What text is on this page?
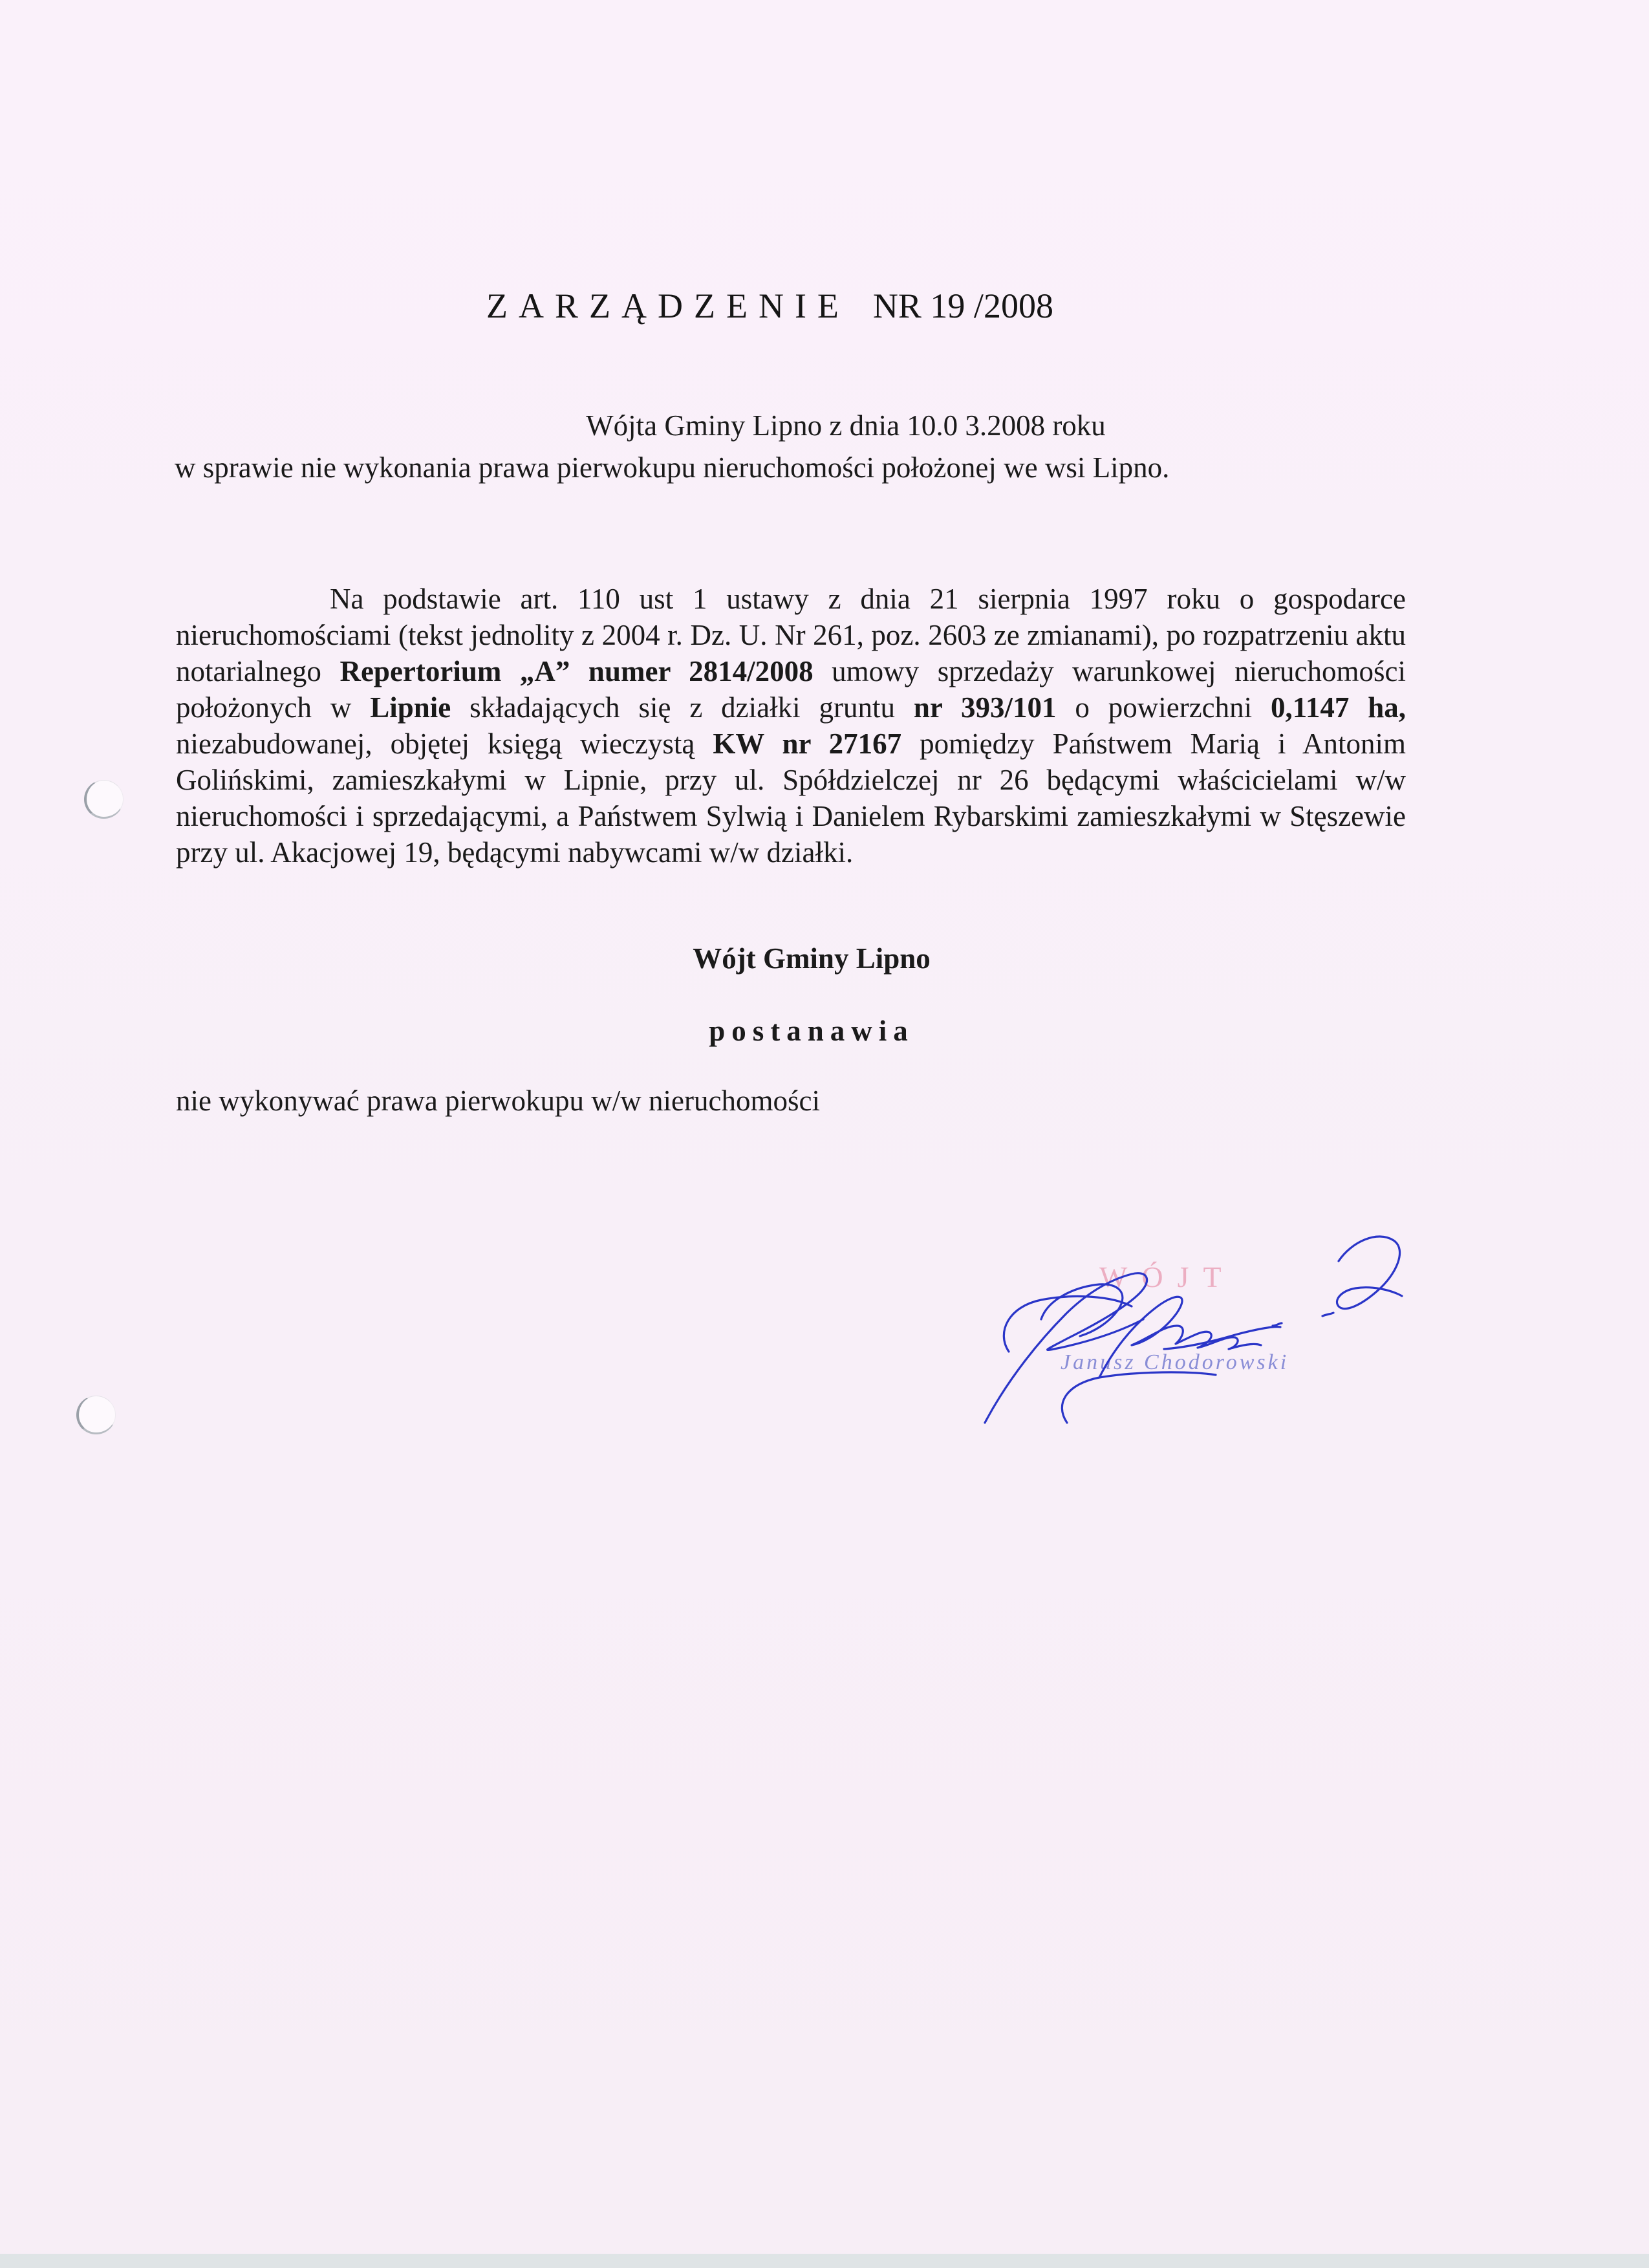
ZARZĄDZENIE NR 19 /2008
Wójta Gminy Lipno z dnia 10.0 3.2008 roku
w sprawie nie wykonania prawa pierwokupu nieruchomości położonej we wsi Lipno.
Na podstawie art. 110 ust 1 ustawy z dnia 21 sierpnia 1997 roku o gospodarce nieruchomościami (tekst jednolity z 2004 r. Dz. U. Nr 261, poz. 2603 ze zmianami), po rozpatrzeniu aktu notarialnego Repertorium „A” numer 2814/2008 umowy sprzedaży warunkowej nieruchomości położonych w Lipnie składających się z działki gruntu nr 393/101 o powierzchni 0,1147 ha, niezabudowanej, objętej księgą wieczystą KW nr 27167 pomiędzy Państwem Marią i Antonim Golińskimi, zamieszkałymi w Lipnie, przy ul. Spółdzielczej nr 26 będącymi właścicielami w/w nieruchomości i sprzedającymi, a Państwem Sylwią i Danielem Rybarskimi zamieszkałymi w Stęszewie przy ul. Akacjowej 19, będącymi nabywcami w/w działki.
Wójt Gminy Lipno
postanawia
nie wykonywać prawa pierwokupu w/w nieruchomości
WÓJT
Janusz Chodorowski
